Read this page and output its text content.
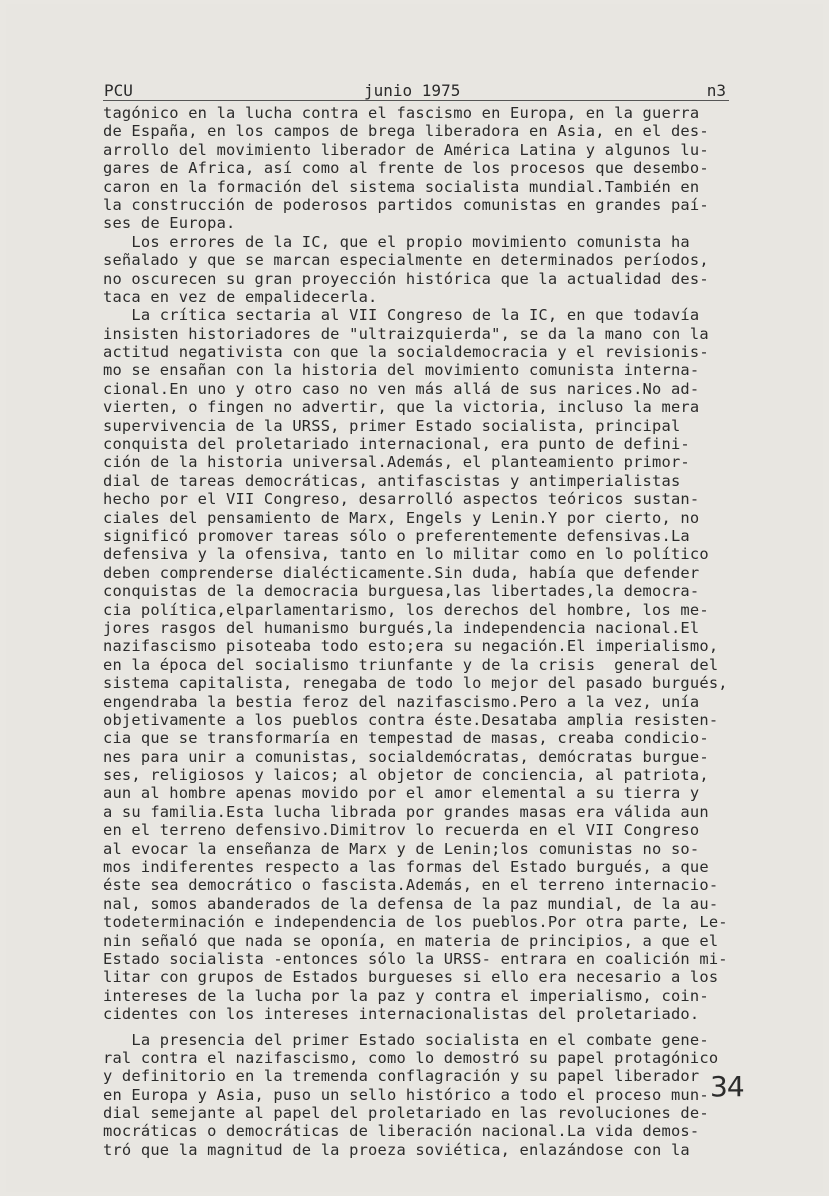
PCU	junio 1975	n3
tagónico en la lucha contra el fascismo en Europa, en la guerra
de España, en los campos de brega liberadora en Asia, en el des-
arrollo del movimiento liberador de América Latina y algunos lu-
gares de Africa, así como al frente de los procesos que desembo-
caron en la formación del sistema socialista mundial.También en
la construcción de poderosos partidos comunistas en grandes paí-
ses de Europa.
Los errores de la IC, que el propio movimiento comunista ha
señalado y que se marcan especialmente en determinados períodos,
no oscurecen su gran proyección histórica que la actualidad des-
taca en vez de empalidecerla.
La crítica sectaria al VII Congreso de la IC, en que todavía
insisten historiadores de "ultraizquierda", se da la mano con la
actitud negativista con que la socialdemocracia y el revisionis-
mo se ensañan con la historia del movimiento comunista interna-
cional.En uno y otro caso no ven más allá de sus narices.No ad-
vierten, o fingen no advertir, que la victoria, incluso la mera
supervivencia de la URSS, primer Estado socialista, principal
conquista del proletariado internacional, era punto de defini-
ción de la historia universal.Además, el planteamiento primor-
dial de tareas democráticas, antifascistas y antimperialistas
hecho por el VII Congreso, desarrolló aspectos teóricos sustan-
ciales del pensamiento de Marx, Engels y Lenin.Y por cierto, no
significó promover tareas sólo o preferentemente defensivas.La
defensiva y la ofensiva, tanto en lo militar como en lo político
deben comprenderse dialécticamente.Sin duda, había que defender
conquistas de la democracia burguesa,las libertades,la democra-
cia política,elparlamentarismo, los derechos del hombre, los me-
jores rasgos del humanismo burgués,la independencia nacional.El
nazifascismo pisoteaba todo esto;era su negación.El imperialismo,
en la época del socialismo triunfante y de la crisis  general del
sistema capitalista, renegaba de todo lo mejor del pasado burgués,
engendraba la bestia feroz del nazifascismo.Pero a la vez, unía
objetivamente a los pueblos contra éste.Desataba amplia resisten-
cia que se transformaría en tempestad de masas, creaba condicio-
nes para unir a comunistas, socialdemócratas, demócratas burgue-
ses, religiosos y laicos; al objetor de conciencia, al patriota,
aun al hombre apenas movido por el amor elemental a su tierra y
a su familia.Esta lucha librada por grandes masas era válida aun
en el terreno defensivo.Dimitrov lo recuerda en el VII Congreso
al evocar la enseñanza de Marx y de Lenin;los comunistas no so-
mos indiferentes respecto a las formas del Estado burgués, a que
éste sea democrático o fascista.Además, en el terreno internacio-
nal, somos abanderados de la defensa de la paz mundial, de la au-
todeterminación e independencia de los pueblos.Por otra parte, Le-
nin señaló que nada se oponía, en materia de principios, a que el
Estado socialista -entonces sólo la URSS- entrara en coalición mi-
litar con grupos de Estados burgueses si ello era necesario a los
intereses de la lucha por la paz y contra el imperialismo, coin-
cidentes con los intereses internacionalistas del proletariado.
La presencia del primer Estado socialista en el combate gene-
ral contra el nazifascismo, como lo demostró su papel protagónico
y definitorio en la tremenda conflagración y su papel liberador
en Europa y Asia, puso un sello histórico a todo el proceso mun-
dial semejante al papel del proletariado en las revoluciones de-
mocráticas o democráticas de liberación nacional.La vida demos-
tró que la magnitud de la proeza soviética, enlazándose con la
34
